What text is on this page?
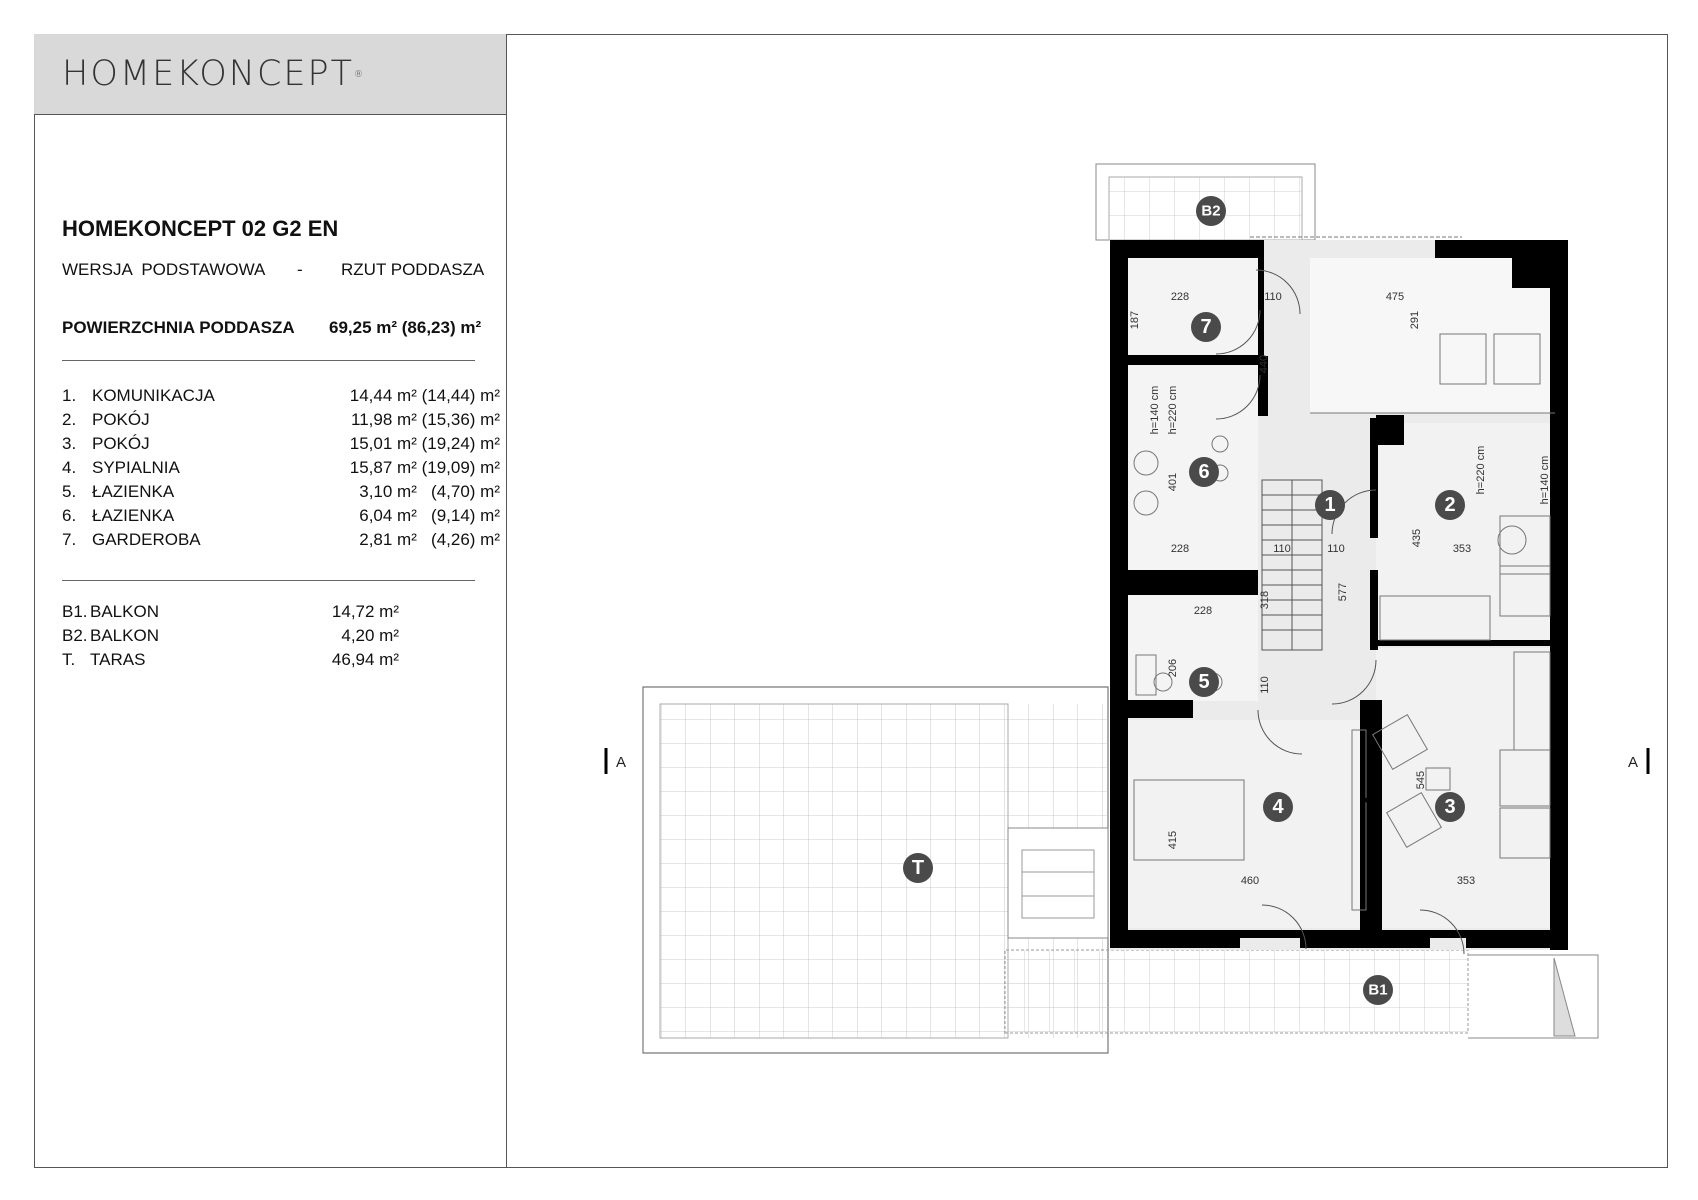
HOMEKONCEPT®
HOMEKONCEPT 02 G2 EN
WERSJA  PODSTAWOWA - RZUT PODDASZA
POWIERZCHNIA PODDASZA 69,25 m² (86,23) m²
1. KOMUNIKACJA	14,44 m² (14,44) m²
2. POKÓJ	11,98 m² (15,36) m²
3. POKÓJ	15,01 m² (19,24) m²
4. SYPIALNIA	15,87 m² (19,09) m²
5. ŁAZIENKA	3,10 m²   (4,70) m²
6. ŁAZIENKA	6,04 m²   (9,14) m²
7. GARDEROBA	2,81 m²   (4,26) m²
B1. BALKON	14,72 m²
B2. BALKON	4,20 m²
T. TARAS	46,94 m²
A	A
228	110	475
187	291
440
401
228	110	110
435
353
577
318
228
206
110
545
415
460	353
h=140 cm h=220 cm
h=220 cm	h=140 cm
1	2
3
4
5
6
7
B1
B2
T
